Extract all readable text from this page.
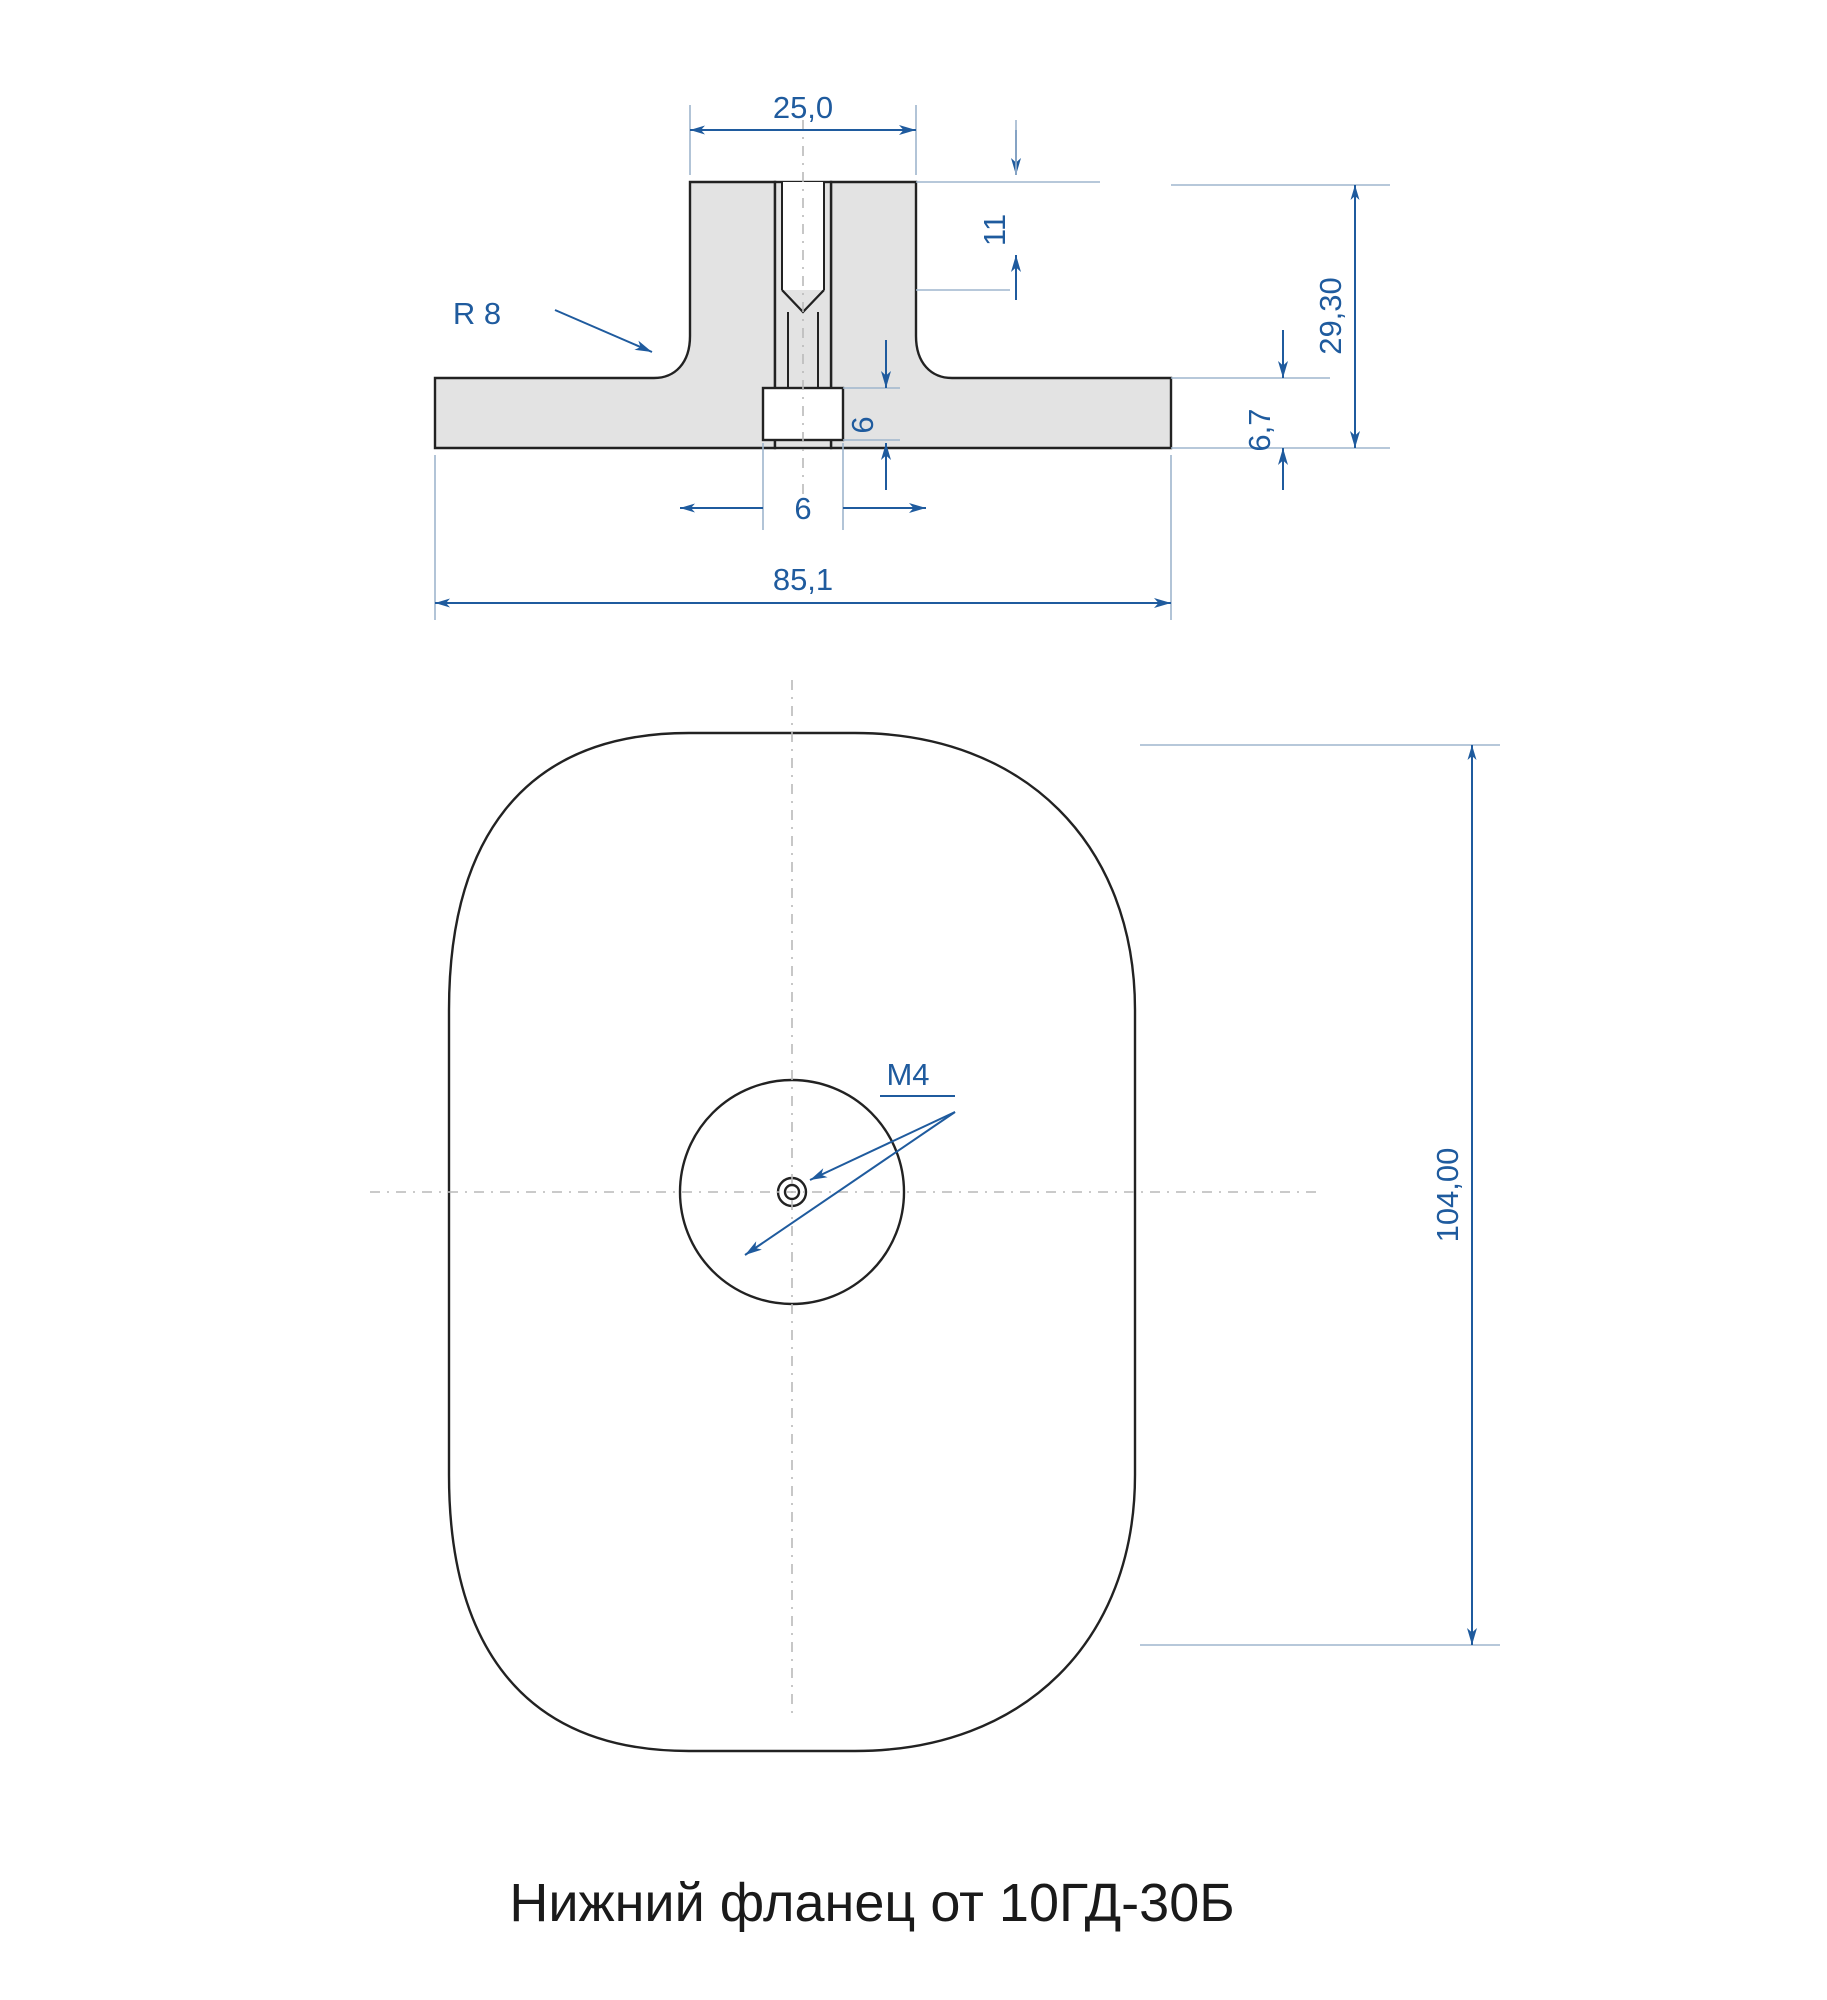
25,0
11
29,30
6,7
6
6
85,1
R 8
104,00
M4
Нижний фланец от 10ГД-30Б
